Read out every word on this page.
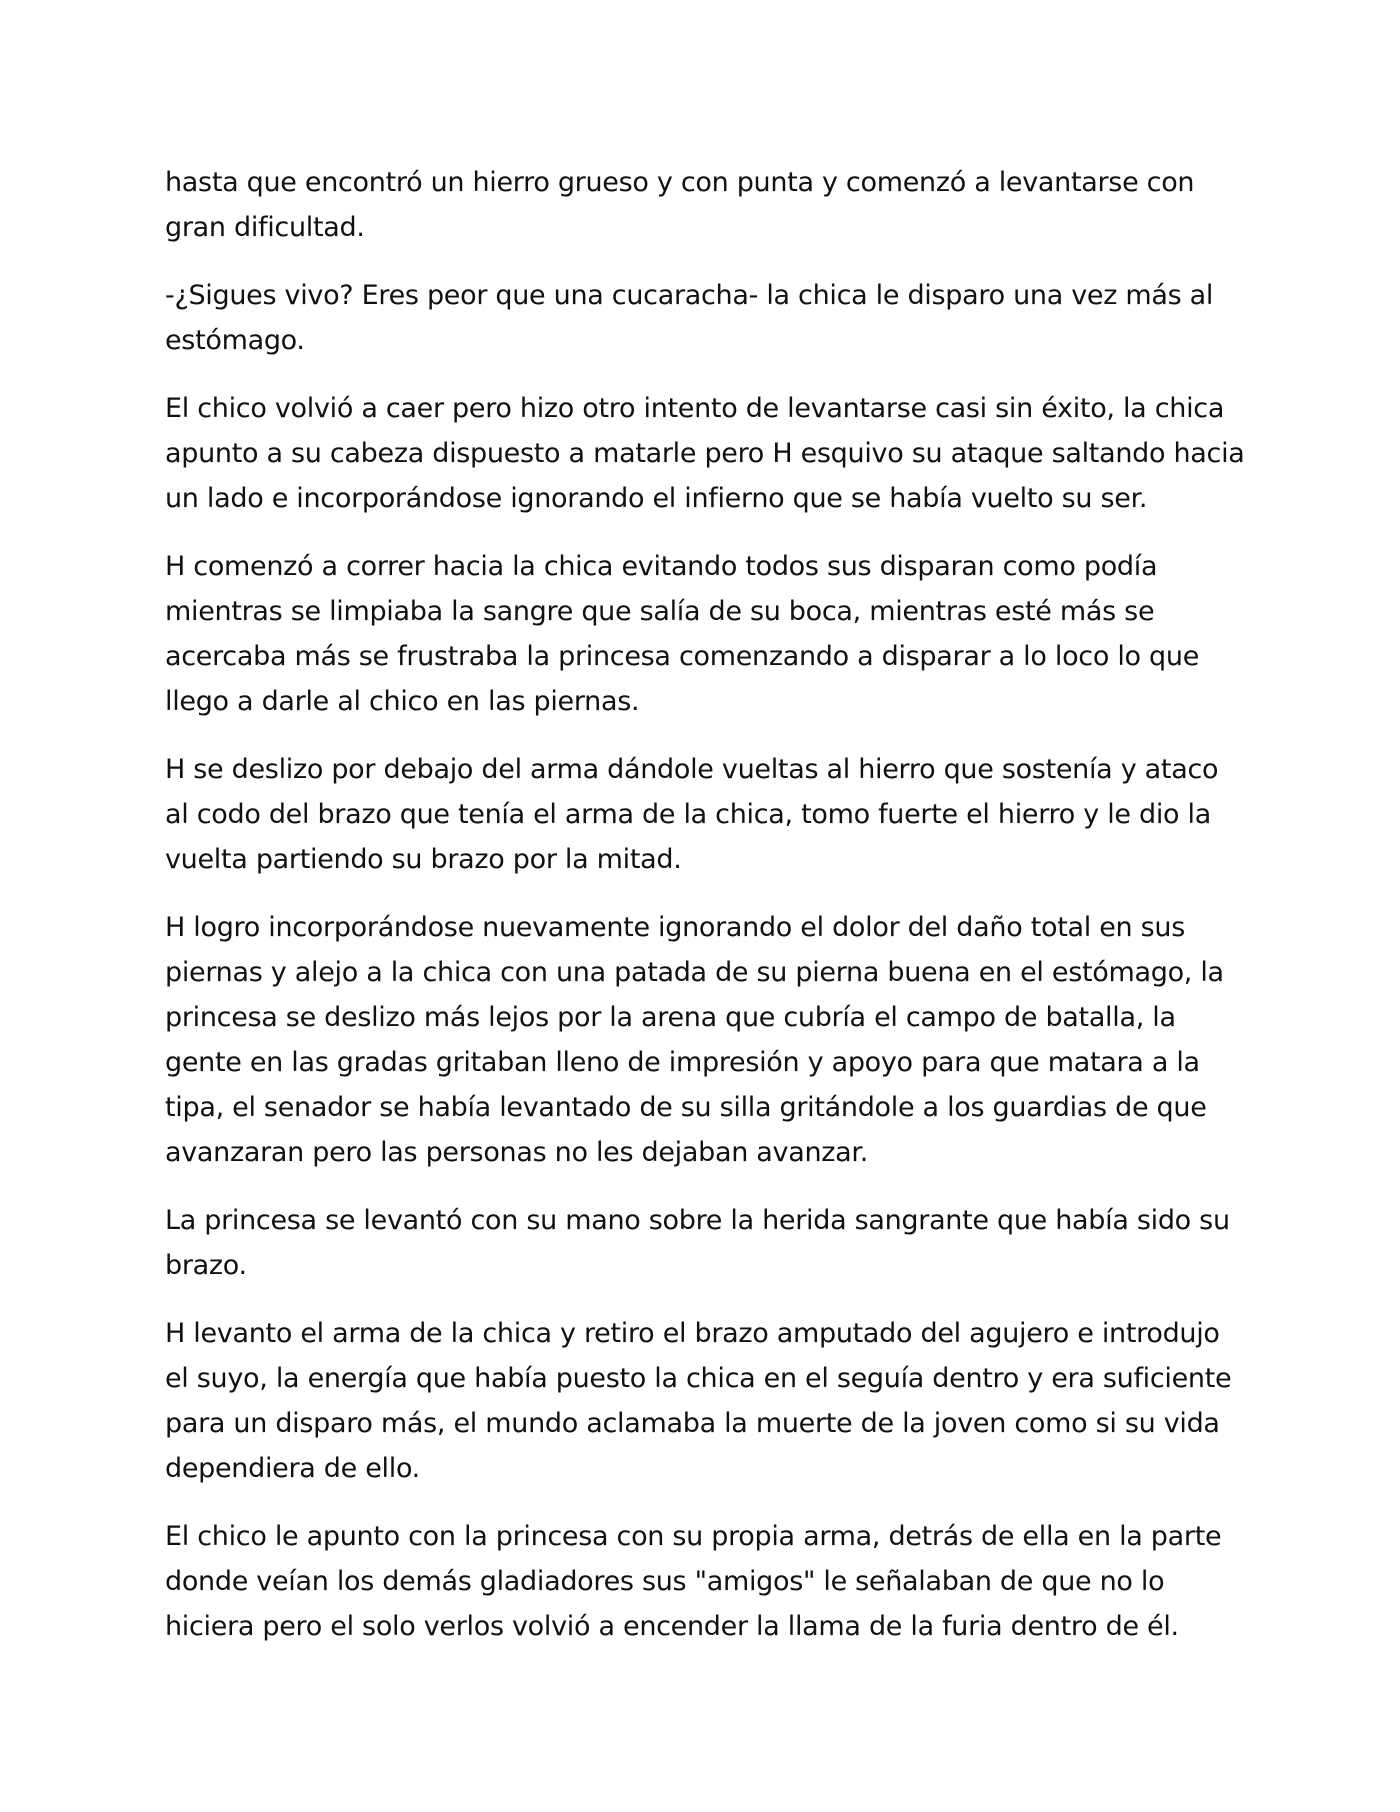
hasta que encontró un hierro grueso y con punta y comenzó a levantarse con gran dificultad.

-¿Sigues vivo? Eres peor que una cucaracha- la chica le disparo una vez más al estómago.

El chico volvió a caer pero hizo otro intento de levantarse casi sin éxito, la chica apunto a su cabeza dispuesto a matarle pero H esquivo su ataque saltando hacia un lado e incorporándose ignorando el infierno que se había vuelto su ser.

H comenzó a correr hacia la chica evitando todos sus disparan como podía mientras se limpiaba la sangre que salía de su boca, mientras esté más se acercaba más se frustraba la princesa comenzando a disparar a lo loco lo que llego a darle al chico en las piernas.

H se deslizo por debajo del arma dándole vueltas al hierro que sostenía y ataco al codo del brazo que tenía el arma de la chica, tomo fuerte el hierro y le dio la vuelta partiendo su brazo por la mitad.

H logro incorporándose nuevamente ignorando el dolor del daño total en sus piernas y alejo a la chica con una patada de su pierna buena en el estómago, la princesa se deslizo más lejos por la arena que cubría el campo de batalla, la gente en las gradas gritaban lleno de impresión y apoyo para que matara a la tipa, el senador se había levantado de su silla gritándole a los guardias de que avanzaran pero las personas no les dejaban avanzar.

La princesa se levantó con su mano sobre la herida sangrante que había sido su brazo.

H levanto el arma de la chica y retiro el brazo amputado del agujero e introdujo el suyo, la energía que había puesto la chica en el seguía dentro y era suficiente para un disparo más, el mundo aclamaba la muerte de la joven como si su vida dependiera de ello.

El chico le apunto con la princesa con su propia arma, detrás de ella en la parte donde veían los demás gladiadores sus "amigos" le señalaban de que no lo hiciera pero el solo verlos volvió a encender la llama de la furia dentro de él.
